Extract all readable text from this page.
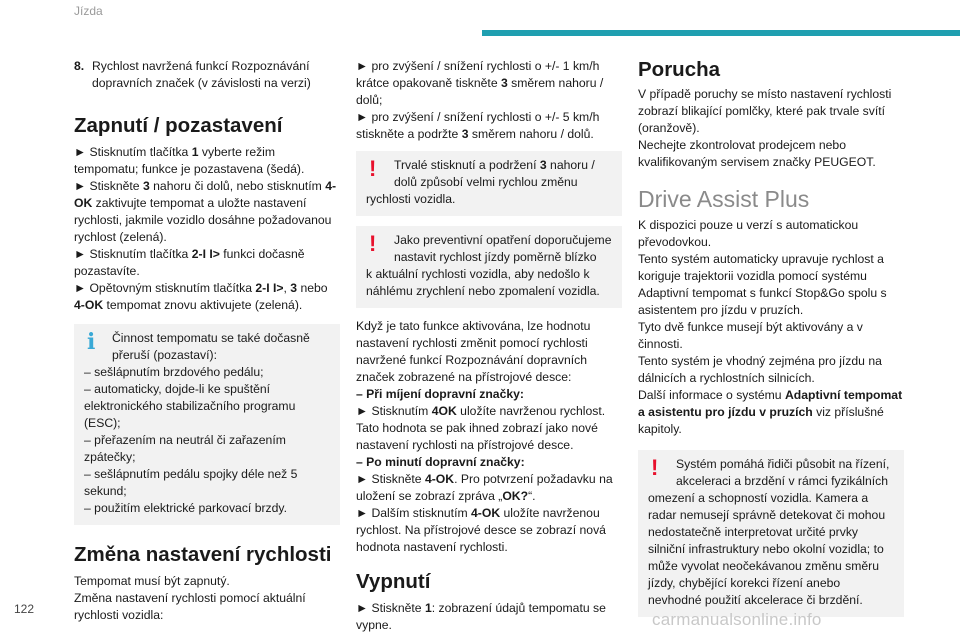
Jízda
8. Rychlost navržená funkcí Rozpoznávání dopravních značek (v závislosti na verzi)
Zapnutí / pozastavení

► Stisknutím tlačítka 1 vyberte režim tempomatu; funkce je pozastavena (šedá).

► Stiskněte 3 nahoru či dolů, nebo stisknutím 4-OK zaktivujte tempomat a uložte nastavení rychlosti, jakmile vozidlo dosáhne požadovanou rychlost (zelená).

► Stisknutím tlačítka 2-I I> funkci dočasně pozastavíte.

► Opětovným stisknutím tlačítka 2-I I>, 3 nebo 4-OK tempomat znovu aktivujete (zelená).

i	Činnost tempomatu se také dočasně přeruší (pozastaví):
– sešlápnutím brzdového pedálu;
– automaticky, dojde-li ke spuštění elektronického stabilizačního programu (ESC);
– přeřazením na neutrál či zařazením zpátečky;
– sešlápnutím pedálu spojky déle než 5 sekund;
– použitím elektrické parkovací brzdy.
Změna nastavení rychlosti

Tempomat musí být zapnutý.

Změna nastavení rychlosti pomocí aktuální rychlosti vozidla:

► pro zvýšení / snížení rychlosti o +/- 1 km/h krátce opakovaně tiskněte 3 směrem nahoru / dolů;

► pro zvýšení / snížení rychlosti o +/- 5 km/h stiskněte a podržte 3 směrem nahoru / dolů.

!	Trvalé stisknutí a podržení 3 nahoru / dolů způsobí velmi rychlou změnu
rychlosti vozidla.
!	Jako preventivní opatření doporučujeme nastavit rychlost jízdy poměrně blízko
k aktuální rychlosti vozidla, aby nedošlo k náhlému zrychlení nebo zpomalení vozidla.

Když je tato funkce aktivována, lze hodnotu nastavení rychlosti změnit pomocí rychlosti navržené funkcí Rozpoznávání dopravních značek zobrazené na přístrojové desce:

– Při míjení dopravní značky:

► Stisknutím 4OK uložíte navrženou rychlost.

Tato hodnota se pak ihned zobrazí jako nové nastavení rychlosti na přístrojové desce.

– Po minutí dopravní značky:

► Stiskněte 4-OK. Pro potvrzení požadavku na uložení se zobrazí zpráva „OK?“.

► Dalším stisknutím 4-OK uložíte navrženou rychlost. Na přístrojové desce se zobrazí nová hodnota nastavení rychlosti.

Vypnutí

► Stiskněte 1: zobrazení údajů tempomatu se vypne.

Porucha

V případě poruchy se místo nastavení rychlosti zobrazí blikající pomlčky, které pak trvale svítí (oranžově).

Nechejte zkontrolovat prodejcem nebo kvalifikovaným servisem značky PEUGEOT.

Drive Assist Plus

K dispozici pouze u verzí s automatickou převodovkou.

Tento systém automaticky upravuje rychlost a koriguje trajektorii vozidla pomocí systému Adaptivní tempomat s funkcí Stop&Go spolu s asistentem pro jízdu v pruzích.

Tyto dvě funkce musejí být aktivovány a v činnosti.

Tento systém je vhodný zejména pro jízdu na dálnicích a rychlostních silnicích.

Další informace o systému Adaptivní tempomat a asistentu pro jízdu v pruzích viz příslušné kapitoly.

!	Systém pomáhá řidiči působit na řízení, akceleraci a brzdění v rámci fyzikálních
omezení a schopností vozidla. Kamera a radar nemusejí správně detekovat či mohou nedostatečně interpretovat určité prvky silniční infrastruktury nebo okolní vozidla; to může vyvolat neočekávanou změnu směru jízdy, chybějící korekci řízení anebo nevhodné použití akcelerace či brzdění.
122
carmanualsonline.info
